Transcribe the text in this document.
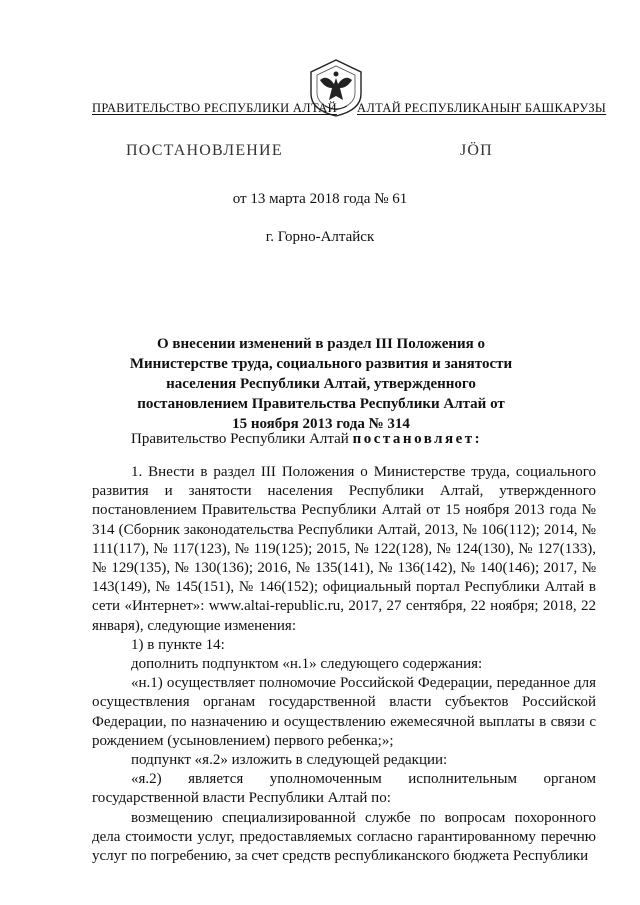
ПРАВИТЕЛЬСТВО РЕСПУБЛИКИ АЛТАЙ АЛТАЙ РЕСПУБЛИКАНЫҤ БАШКАРУЗЫ
ПОСТАНОВЛЕНИЕ	JÖП
от 13 марта 2018 года № 61
г. Горно-Алтайск
О внесении изменений в раздел III Положения о Министерстве труда, социального развития и занятости населения Республики Алтай, утвержденного постановлением Правительства Республики Алтай от 15 ноября 2013 года № 314
Правительство Республики Алтай постановляет:

1. Внести в раздел III Положения о Министерстве труда, социального развития и занятости населения Республики Алтай, утвержденного постановлением Правительства Республики Алтай от 15 ноября 2013 года № 314 (Сборник законодательства Республики Алтай, 2013, № 106(112); 2014, № 111(117), № 117(123), № 119(125); 2015, № 122(128), № 124(130), № 127(133), № 129(135), № 130(136); 2016, № 135(141), № 136(142), № 140(146); 2017, № 143(149), № 145(151), № 146(152); официальный портал Республики Алтай в сети «Интернет»: www.altai-republic.ru, 2017, 27 сентября, 22 ноября; 2018, 22 января), следующие изменения:

1) в пункте 14:

дополнить подпунктом «н.1» следующего содержания:

«н.1) осуществляет полномочие Российской Федерации, переданное для осуществления органам государственной власти субъектов Российской Федерации, по назначению и осуществлению ежемесячной выплаты в связи с рождением (усыновлением) первого ребенка;»;

подпункт «я.2» изложить в следующей редакции:

«я.2) является уполномоченным исполнительным органом государственной власти Республики Алтай по:

возмещению специализированной службе по вопросам похоронного дела стоимости услуг, предоставляемых согласно гарантированному перечню услуг по погребению, за счет средств республиканского бюджета Республики
